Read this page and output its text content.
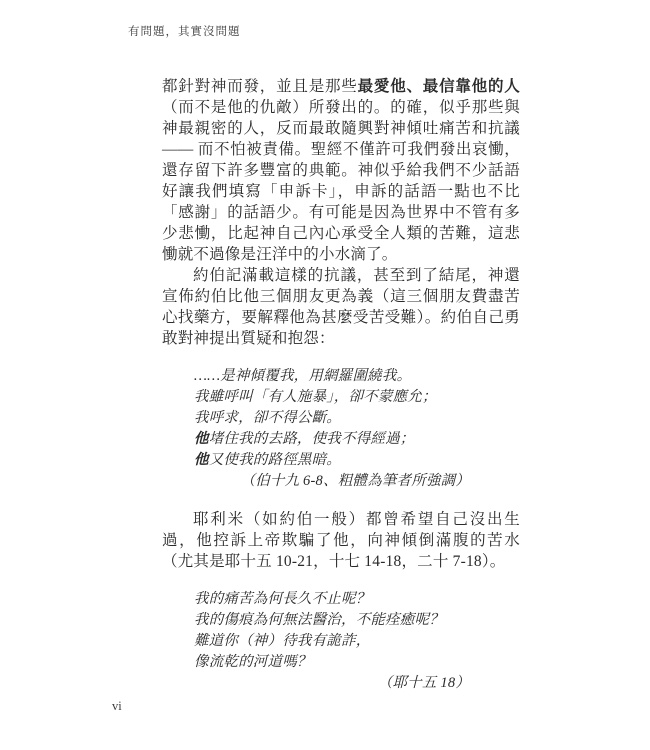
有問題，其實沒問題

都針對神而發，並且是那些最愛他、最信靠他的人（而不是他的仇敵）所發出的。的確，似乎那些與神最親密的人，反而最敢隨興對神傾吐痛苦和抗議 —— 而不怕被責備。聖經不僅許可我們發出哀慟，還存留下許多豐富的典範。神似乎給我們不少話語好讓我們填寫「申訴卡」，申訴的話語一點也不比「感謝」的話語少。有可能是因為世界中不管有多少悲慟，比起神自己內心承受全人類的苦難，這悲慟就不過像是汪洋中的小水滴了。

約伯記滿載這樣的抗議，甚至到了結尾，神還宣佈約伯比他三個朋友更為義（這三個朋友費盡苦心找藥方，要解釋他為甚麼受苦受難）。約伯自己勇敢對神提出質疑和抱怨：

……是神傾覆我，用網羅圍繞我。
我雖呼叫「有人施暴」，卻不蒙應允；
我呼求，卻不得公斷。
他堵住我的去路，使我不得經過；
他又使我的路徑黑暗。
（伯十九 6-8、粗體為筆者所強調）

耶利米（如約伯一般）都曾希望自己沒出生過，他控訴上帝欺騙了他，向神傾倒滿腹的苦水（尤其是耶十五 10-21，十七 14-18，二十 7-18）。

我的痛苦為何長久不止呢？
我的傷痕為何無法醫治，不能痊癒呢？
難道你（神）待我有詭詐，
像流乾的河道嗎？
（耶十五 18）
vi
